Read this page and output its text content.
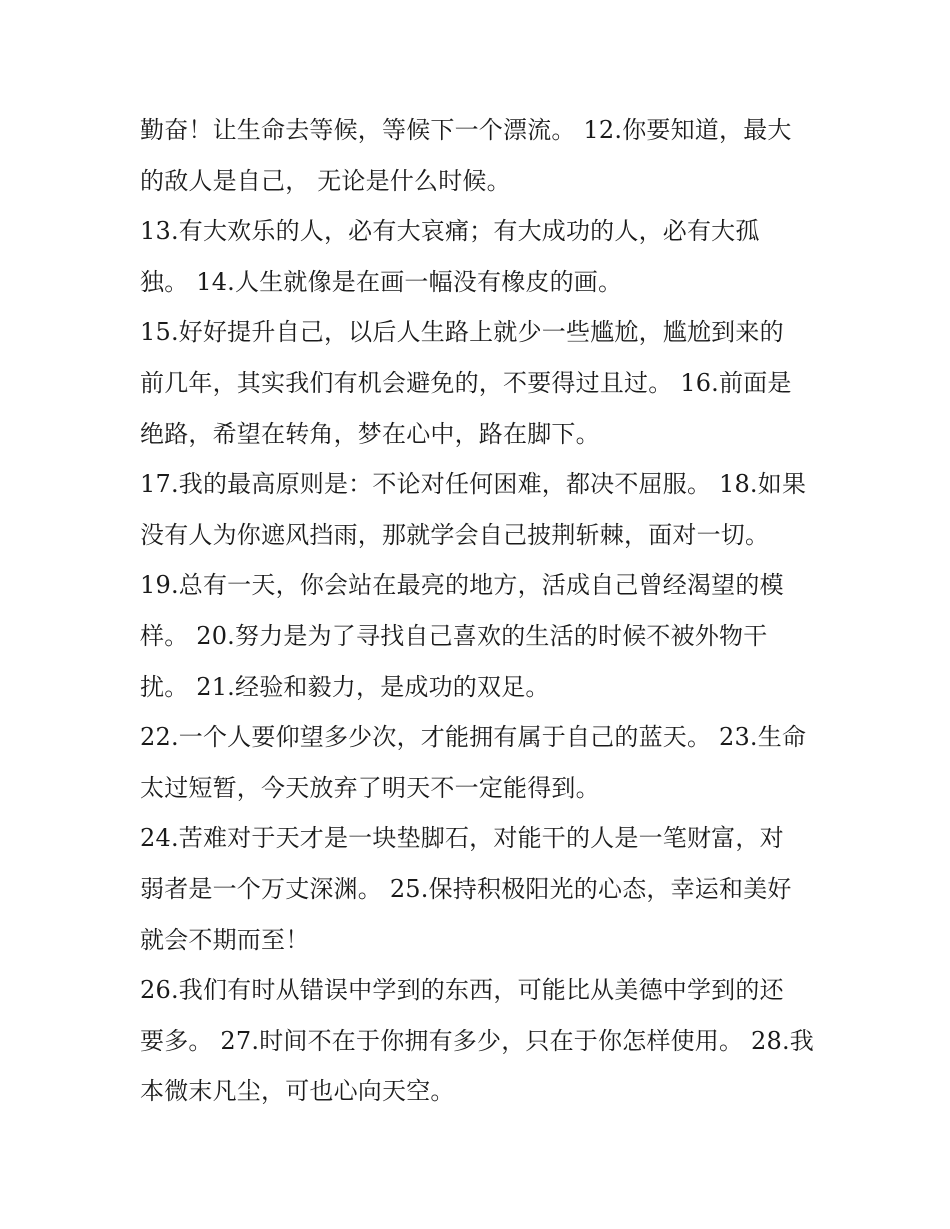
勤奋！让生命去等候，等候下一个漂流。 12.你要知道，最大
的敌人是自己， 无论是什么时候。
13.有大欢乐的人，必有大哀痛；有大成功的人，必有大孤
独。 14.人生就像是在画一幅没有橡皮的画。
15.好好提升自己，以后人生路上就少一些尴尬，尴尬到来的
前几年，其实我们有机会避免的，不要得过且过。 16.前面是
绝路，希望在转角，梦在心中，路在脚下。
17.我的最高原则是：不论对任何困难，都决不屈服。 18.如果
没有人为你遮风挡雨，那就学会自己披荆斩棘，面对一切。
19.总有一天，你会站在最亮的地方，活成自己曾经渴望的模
样。 20.努力是为了寻找自己喜欢的生活的时候不被外物干
扰。 21.经验和毅力，是成功的双足。
22.一个人要仰望多少次，才能拥有属于自己的蓝天。 23.生命
太过短暂，今天放弃了明天不一定能得到。
24.苦难对于天才是一块垫脚石，对能干的人是一笔财富，对
弱者是一个万丈深渊。 25.保持积极阳光的心态，幸运和美好
就会不期而至！
26.我们有时从错误中学到的东西，可能比从美德中学到的还
要多。 27.时间不在于你拥有多少，只在于你怎样使用。 28.我
本微末凡尘，可也心向天空。
